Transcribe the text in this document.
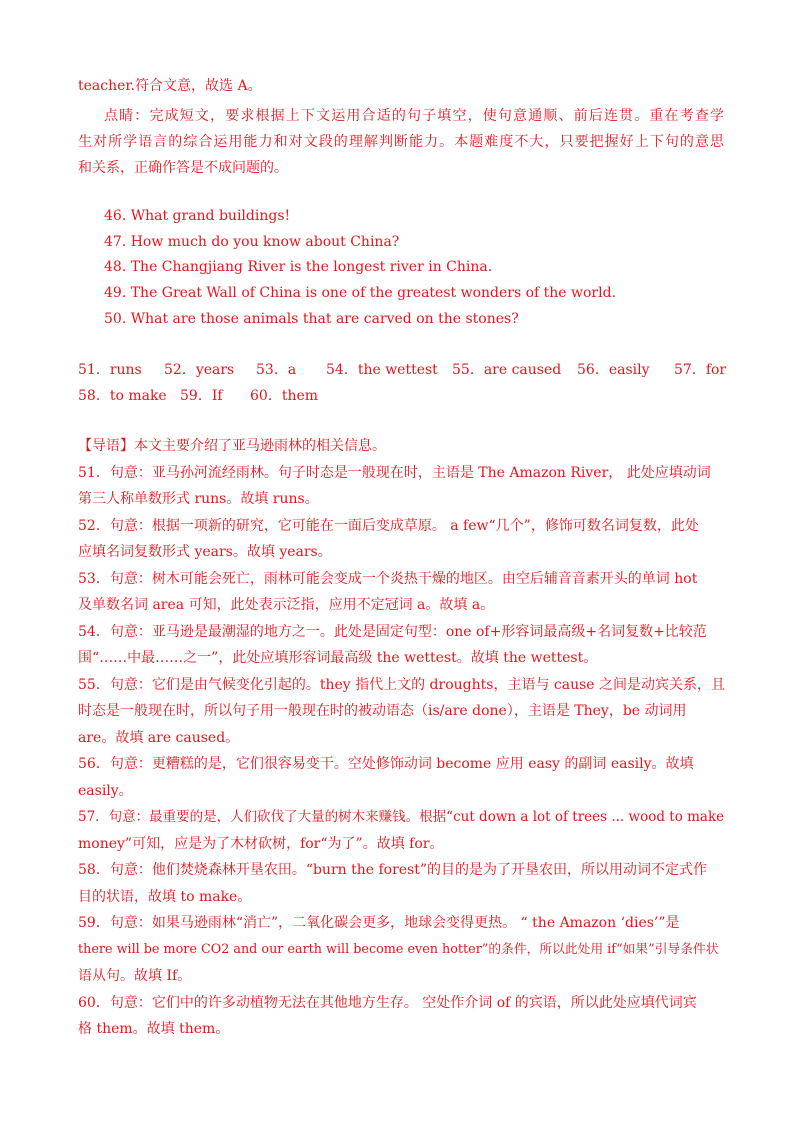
teacher.符合文意，故选 A。
点睛：完成短文，要求根据上下文运用合适的句子填空，使句意通顺、前后连贯。重在考查学
生对所学语言的综合运用能力和对文段的理解判断能力。本题难度不大，只要把握好上下句的意思
和关系，正确作答是不成问题的。
46. What grand buildings!
47. How much do you know about China?
48. The Changjiang River is the longest river in China.
49. The Great Wall of China is one of the greatest wonders of the world.
50. What are those animals that are carved on the stones?
51．runs 52．years 53．a 54．the wettest 55．are caused 56．easily 57．for
58．to make 59．If 60．them
【导语】本文主要介绍了亚马逊雨林的相关信息。
51．句意：亚马孙河流经雨林。句子时态是一般现在时，主语是 The Amazon River， 此处应填动词
第三人称单数形式 runs。故填 runs。
52．句意：根据一项新的研究，它可能在一面后变成草原。 a few“几个”，修饰可数名词复数，此处
应填名词复数形式 years。故填 years。
53．句意：树木可能会死亡，雨林可能会变成一个炎热干燥的地区。由空后辅音音素开头的单词 hot
及单数名词 area 可知，此处表示泛指，应用不定冠词 a。故填 a。
54．句意：亚马逊是最潮湿的地方之一。此处是固定句型：one of+形容词最高级+名词复数+比较范
围“……中最……之一”，此处应填形容词最高级 the wettest。故填 the wettest。
55．句意：它们是由气候变化引起的。they 指代上文的 droughts，主语与 cause 之间是动宾关系，且
时态是一般现在时，所以句子用一般现在时的被动语态（is/are done），主语是 They，be 动词用
are。故填 are caused。
56．句意：更糟糕的是，它们很容易变干。空处修饰动词 become 应用 easy 的副词 easily。故填
easily。
57．句意：最重要的是，人们砍伐了大量的树木来赚钱。根据“cut down a lot of trees ... wood to make
money”可知，应是为了木材砍树，for“为了”。故填 for。
58．句意：他们焚烧森林开垦农田。“burn the forest”的目的是为了开垦农田，所以用动词不定式作
目的状语，故填 to make。
59．句意：如果马逊雨林“消亡”，二氧化碳会更多，地球会变得更热。 “ the Amazon ‘dies’”是
there will be more CO2 and our earth will become even hotter”的条件，所以此处用 if“如果”引导条件状
语从句。故填 If。
60．句意：它们中的许多动植物无法在其他地方生存。 空处作介词 of 的宾语，所以此处应填代词宾
格 them。故填 them。
